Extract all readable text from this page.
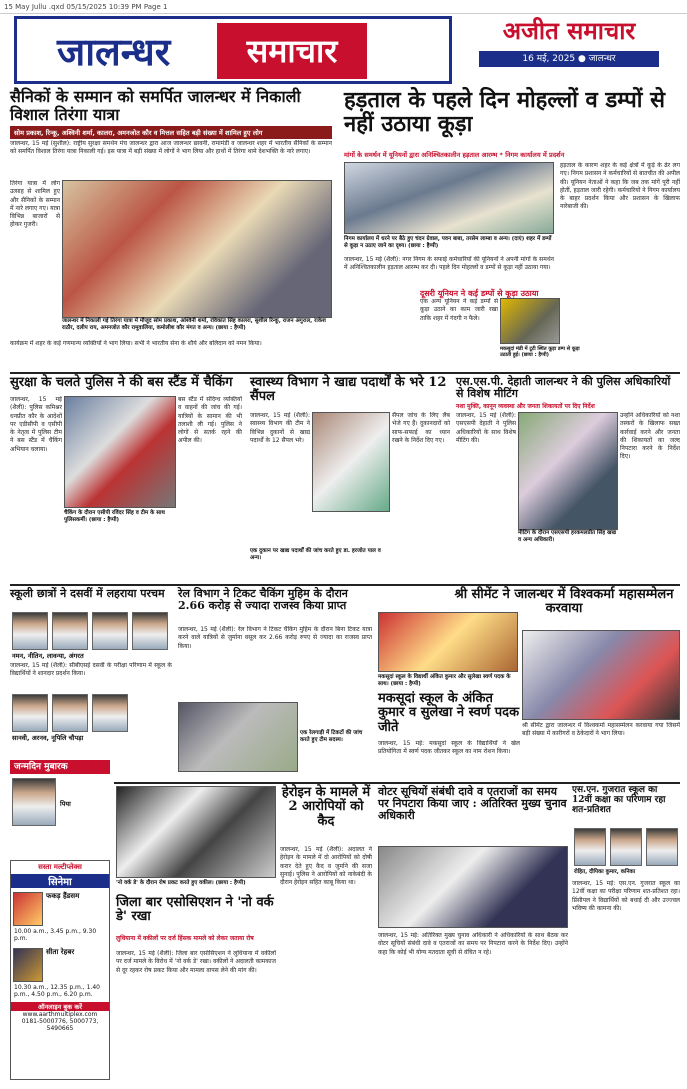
15 May Jullu .qxd 05/15/2025 10:39 PM Page 1
जालन्धर	समाचार
अजीत समाचार
16 मई, 2025 ● जालन्धर
सैनिकों के सम्मान को समर्पित जालन्धर में निकाली विशाल तिरंगा यात्रा
सोम प्रकाश, रिन्कू, अश्विनी शर्मा, कालरा, अमनजोत कौर व मित्तल सहित बड़ी संख्या में शामिल हुए लोग
जालन्धर, 15 मई (सुशील): राष्ट्रीय सुरक्षा समर्थन मंच जालन्धर द्वारा आज जालन्धर छावनी, रामामंडी व जालन्धर शहर में भारतीय सैनिकों के सम्मान को समर्पित विशाल तिरंगा यात्रा निकाली गई। इस यात्रा में बड़ी संख्या में लोगों ने भाग लिया और हाथों में तिरंगा थामे देशभक्ति के नारे लगाए।
तिरंगा यात्रा में लोग उत्साह से शामिल हुए और सैनिकों के सम्मान में नारे लगाए गए। यात्रा विभिन्न बाजारों से होकर गुजरी।
जालन्धर में निकाली गई तिरंगा यात्रा में मौजूद सोम प्रकाश, अश्विनी शर्मा, रविकांत सिंह कालरा, सुशील रिन्कू, राजन अंगुराल, राकेश राठौर, दलीप राय, अमनजोत कौर रामूवालिया, कमोलीश कौर मंगत व अन्य। (छाया : हैप्पी)
कार्यक्रम में शहर के कई गणमान्य व्यक्तियों ने भाग लिया। सभी ने भारतीय सेना के शौर्य और बलिदान को नमन किया।
हड़ताल के पहले दिन मोहल्लों व डम्पों से नहीं उठाया कूड़ा
मांगों के समर्थन में यूनियनों द्वारा अनिश्चितकालीन हड़ताल आरम्भ * निगम कार्यालय में प्रदर्शन
निगम कार्यालय में धरने पर बैठे हुए चंदन ग्रेवाल, पवन बाबा, तरसेम लाम्बा व अन्य। (दाएं) शहर में डम्पों से कूड़ा न उठाए जाने का दृश्य। (छाया : हैप्पी)
जालन्धर, 15 मई (शैली): नगर निगम के सफाई कर्मचारियों की यूनियनों ने अपनी मांगों के समर्थन में अनिश्चितकालीन हड़ताल आरम्भ कर दी। पहले दिन मोहल्लों व डम्पों से कूड़ा नहीं उठाया गया।
दूसरी यूनियन ने कई डम्पों से कूड़ा उठाया
एक अन्य यूनियन ने कई डम्पों से कूड़ा उठाने का काम जारी रखा ताकि शहर में गंदगी न फैले।
मकसूदां मंडी में टूटी स्थित कूड़ा डम्प से कूड़ा उठाती हुई। (छाया : हैप्पी)
हड़ताल के कारण शहर के कई क्षेत्रों में कूड़े के ढेर लग गए। निगम प्रशासन ने कर्मचारियों से बातचीत की अपील की। यूनियन नेताओं ने कहा कि जब तक मांगें पूरी नहीं होतीं, हड़ताल जारी रहेगी। कर्मचारियों ने निगम कार्यालय के बाहर प्रदर्शन किया और प्रशासन के खिलाफ नारेबाजी की।
सुरक्षा के चलते पुलिस ने की बस स्टैंड में चैकिंग
जालन्धर, 15 मई (शैली): पुलिस कमिश्नर धनप्रीत कौर के आदेशों पर एडीसीपी व एसीपी के नेतृत्व में पुलिस टीम ने बस स्टैंड में चैकिंग अभियान चलाया।
चैकिंग के दौरान एसीपी रविंदर सिंह व टीम के साथ पुलिसकर्मी। (छाया : हैप्पी)
बस स्टैंड में संदिग्ध व्यक्तियों व वाहनों की जांच की गई। यात्रियों के सामान की भी तलाशी ली गई। पुलिस ने लोगों से सतर्क रहने की अपील की।
स्वास्थ्य विभाग ने खाद्य पदार्थों के भरे 12 सैंपल
जालन्धर, 15 मई (शैली): स्वास्थ्य विभाग की टीम ने विभिन्न दुकानों से खाद्य पदार्थों के 12 सैंपल भरे।
एक दुकान पर खाद्य पदार्थों की जांच करते हुए डा. हरजोत पाल व अन्य।
सैंपल जांच के लिए लैब भेजे गए हैं। दुकानदारों को साफ-सफाई का ध्यान रखने के निर्देश दिए गए।
एस.एस.पी. देहाती जालन्धर ने की पुलिस अधिकारियों से विशेष मीटिंग
नशा मुक्ति, कानून व्यवस्था और जनता शिकायतों पर दिए निर्देश
जालन्धर, 15 मई (शैली): एसएसपी देहाती ने पुलिस अधिकारियों के साथ विशेष मीटिंग की।
मीटिंग के दौरान एसएसपी हरकमलप्रीत सिंह खख व अन्य अधिकारी।
उन्होंने अधिकारियों को नशा तस्करों के खिलाफ सख्त कार्रवाई करने और जनता की शिकायतों का जल्द निपटारा करने के निर्देश दिए।
स्कूली छात्रों ने दसवीं में लहराया परचम
नमन, नीतिन, लावन्या, अंगरत
जालन्धर, 15 मई (शैली): सीबीएसई दसवीं के परीक्षा परिणाम में स्कूल के विद्यार्थियों ने शानदार प्रदर्शन किया।
सानवी, अरनव, नूपिलि चौपड़ा
जन्मदिन मुबारक
पिया
सस्ता मल्टीप्लेक्स
सिनेमा
फकड़ हैंडसम
10.00 a.m., 3.45 p.m., 9.30 p.m.
सीता रेहबर
10.30 a.m., 12.35 p.m., 1.40 p.m., 4.50 p.m., 6.20 p.m.
ऑनलाइन बुक करें
www.aarthmultiplex.com
0181-5000776, 5000773, 5490665
रेल विभाग ने टिकट चैकिंग मुहिम के दौरान 2.66 करोड़ से ज्यादा राजस्व किया प्राप्त
जालन्धर, 15 मई (शैली): रेल विभाग ने टिकट चैकिंग मुहिम के दौरान बिना टिकट यात्रा करने वाले यात्रियों से जुर्माना वसूल कर 2.66 करोड़ रुपए से ज्यादा का राजस्व प्राप्त किया।
एक रेलगाड़ी में टिकटों की जांच करते हुए टीम सदस्य।
श्री सीमेंट ने जालन्धर में विश्वकर्मा महासम्मेलन करवाया
मकसूदां स्कूल के विद्यार्थी अंकित कुमार और सुलेखा स्वर्ण पदक के साथ। (छाया : हैप्पी)
मकसूदां स्कूल के अंकित कुमार व सुलेखा ने स्वर्ण पदक जीते
जालन्धर, 15 मई: मकसूदां स्कूल के विद्यार्थियों ने खेल प्रतियोगिता में स्वर्ण पदक जीतकर स्कूल का नाम रोशन किया।
श्री सीमेंट द्वारा जालन्धर में विश्वकर्मा महासम्मेलन करवाया गया जिसमें बड़ी संख्या में कारीगरों व ठेकेदारों ने भाग लिया।
हेरोइन के मामले में 2 आरोपियों को कैद
जालन्धर, 15 मई (शैली): अदालत ने हेरोइन के मामले में दो आरोपियों को दोषी करार देते हुए कैद व जुर्माने की सजा सुनाई। पुलिस ने आरोपियों को नाकेबंदी के दौरान हेरोइन सहित काबू किया था।
'नो वर्क डे' के दौरान रोष प्रकट करते हुए वकील। (छाया : हैप्पी)
जिला बार एसोसिएशन ने 'नो वर्क डे' रखा
लुधियाना में वकीलों पर दर्ज हिंसक मामले को लेकर जताया रोष
जालन्धर, 15 मई (शैली): जिला बार एसोसिएशन ने लुधियाना में वकीलों पर दर्ज मामले के विरोध में 'नो वर्क डे' रखा। वकीलों ने अदालती कामकाज से दूर रहकर रोष प्रकट किया और मामला वापस लेने की मांग की।
वोटर सूचियों संबंधी दावे व एतराजों का समय पर निपटारा किया जाए : अतिरिक्त मुख्य चुनाव अधिकारी
जालन्धर, 15 मई: अतिरिक्त मुख्य चुनाव अधिकारी ने अधिकारियों के साथ बैठक कर वोटर सूचियों संबंधी दावे व एतराजों का समय पर निपटारा करने के निर्देश दिए। उन्होंने कहा कि कोई भी योग्य मतदाता सूची से वंचित न रहे।
एस.एन. गुजरात स्कूल का 12वीं कक्षा का परिणाम रहा शत-प्रतिशत
रोहित, दीपिका कुमार, कनिका
जालन्धर, 15 मई: एस.एन. गुजरात स्कूल का 12वीं कक्षा का परीक्षा परिणाम शत-प्रतिशत रहा। प्रिंसीपल ने विद्यार्थियों को बधाई दी और उज्ज्वल भविष्य की कामना की।
